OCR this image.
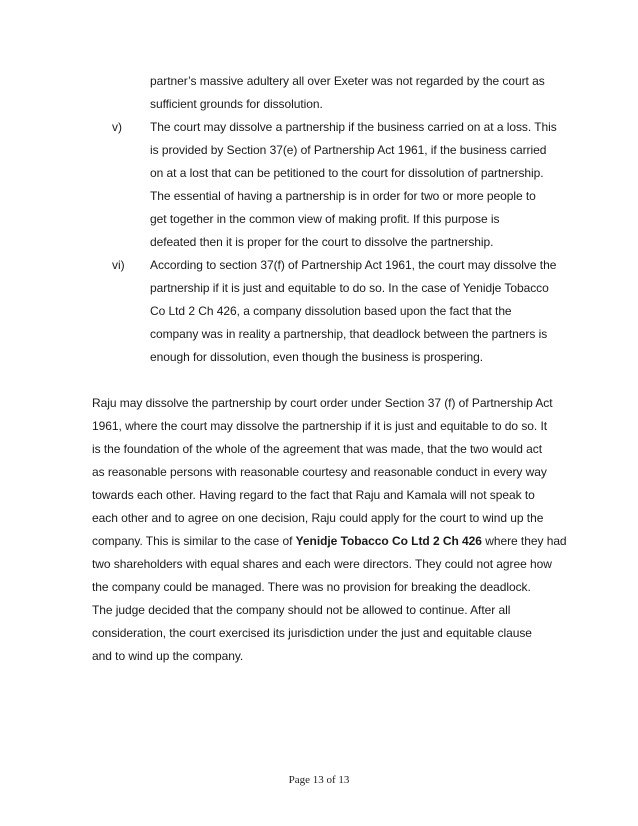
partner’s massive adultery all over Exeter was not regarded by the court as
sufficient grounds for dissolution.
v) The court may dissolve a partnership if the business carried on at a loss. This
is provided by Section 37(e) of Partnership Act 1961, if the business carried
on at a lost that can be petitioned to the court for dissolution of partnership.
The essential of having a partnership is in order for two or more people to
get together in the common view of making profit. If this purpose is
defeated then it is proper for the court to dissolve the partnership.
vi) According to section 37(f) of Partnership Act 1961, the court may dissolve the
partnership if it is just and equitable to do so. In the case of Yenidje Tobacco
Co Ltd 2 Ch 426, a company dissolution based upon the fact that the
company was in reality a partnership, that deadlock between the partners is
enough for dissolution, even though the business is prospering.
Raju may dissolve the partnership by court order under Section 37 (f) of Partnership Act
1961, where the court may dissolve the partnership if it is just and equitable to do so. It
is the foundation of the whole of the agreement that was made, that the two would act
as reasonable persons with reasonable courtesy and reasonable conduct in every way
towards each other. Having regard to the fact that Raju and Kamala will not speak to
each other and to agree on one decision, Raju could apply for the court to wind up the
company. This is similar to the case of Yenidje Tobacco Co Ltd 2 Ch 426 where they had
two shareholders with equal shares and each were directors. They could not agree how
the company could be managed. There was no provision for breaking the deadlock.
The judge decided that the company should not be allowed to continue. After all
consideration, the court exercised its jurisdiction under the just and equitable clause
and to wind up the company.
Page 13 of 13
